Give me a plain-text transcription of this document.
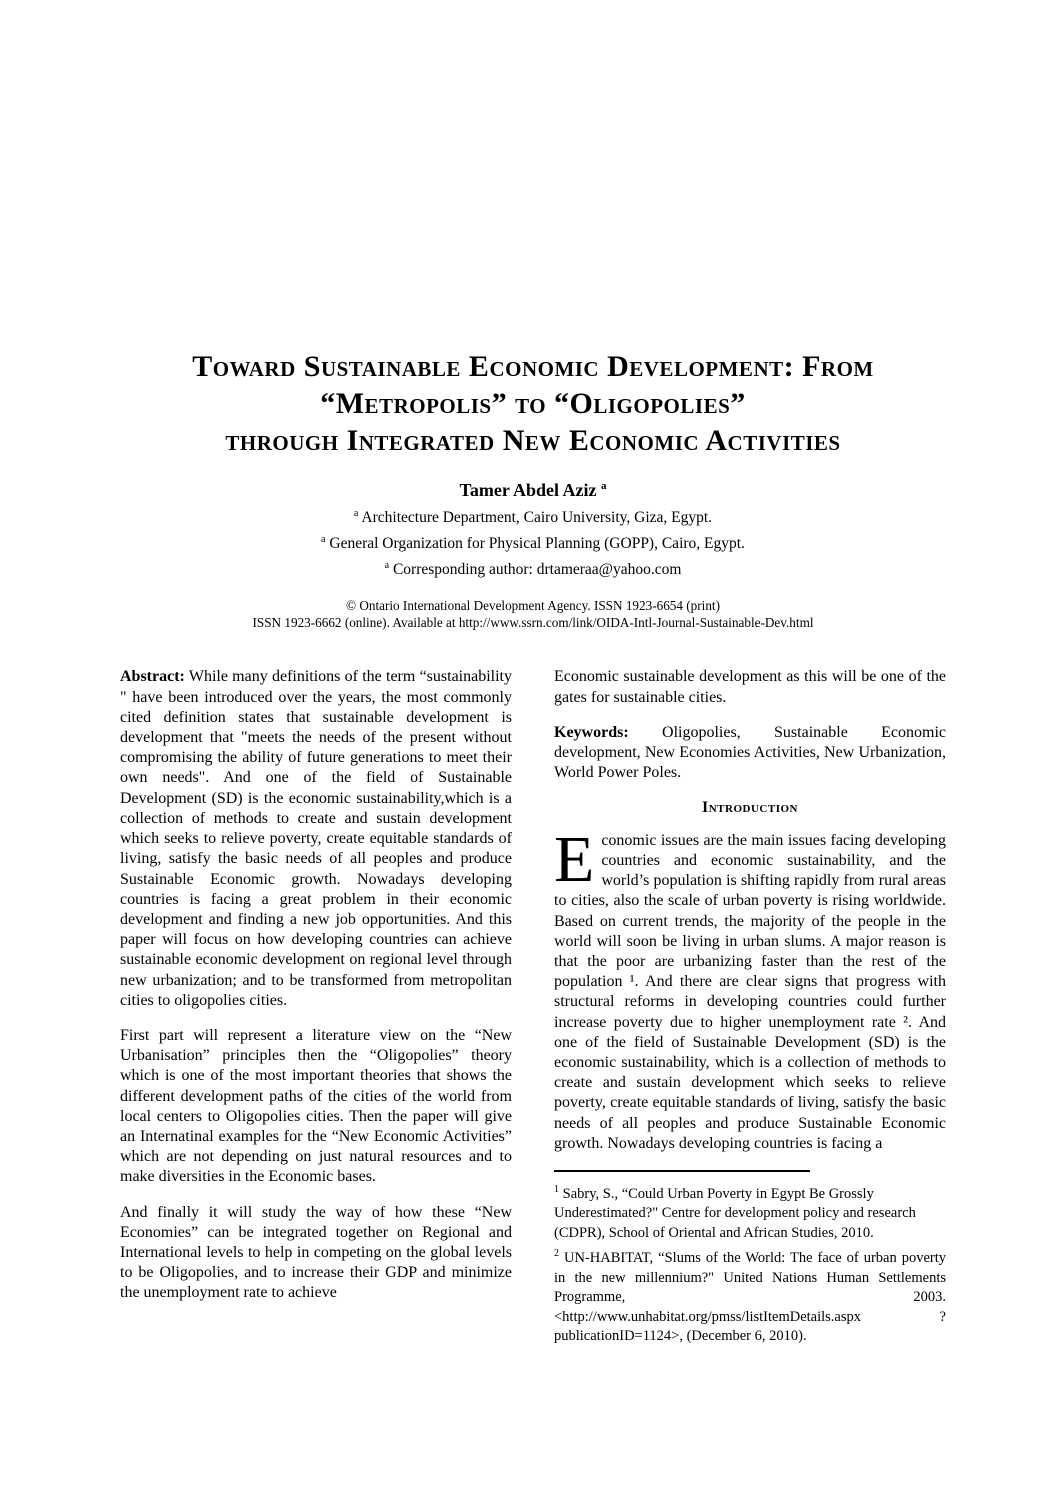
Toward Sustainable Economic Development: From
“Metropolis” to “Oligopolies”
through Integrated New Economic Activities
Tamer Abdel Aziz $^a$
$^a$ Architecture Department, Cairo University, Giza, Egypt.
$^a$ General Organization for Physical Planning (GOPP), Cairo, Egypt.
$^a$ Corresponding author: drtameraa@yahoo.com
© Ontario International Development Agency. ISSN 1923-6654 (print)
ISSN 1923-6662 (online). Available at http://www.ssrn.com/link/OIDA-Intl-Journal-Sustainable-Dev.html

Abstract: While many definitions of the term “sustainability " have been introduced over the years, the most commonly cited definition states that sustainable development is development that "meets the needs of the present without compromising the ability of future generations to meet their own needs". And one of the field of Sustainable Development (SD) is the economic sustainability,which is a collection of methods to create and sustain development which seeks to relieve poverty, create equitable standards of living, satisfy the basic needs of all peoples and produce Sustainable Economic growth. Nowadays developing countries is facing a great problem in their economic development and finding a new job opportunities. And this paper will focus on how developing countries can achieve sustainable economic development on regional level through new urbanization; and to be transformed from metropolitan cities to oligopolies cities.

First part will represent a literature view on the “New Urbanisation” principles then the “Oligopolies” theory which is one of the most important theories that shows the different development paths of the cities of the world from local centers to Oligopolies cities. Then the paper will give an Internatinal examples for the “New Economic Activities” which are not depending on just natural resources and to make diversities in the Economic bases.

And finally it will study the way of how these “New Economies” can be integrated together on Regional and International levels to help in competing on the global levels to be Oligopolies, and to increase their GDP and minimize the unemployment rate to achieve

Economic sustainable development as this will be one of the gates for sustainable cities.

Keywords: Oligopolies, Sustainable Economic development, New Economies Activities, New Urbanization, World Power Poles.

Introduction

Economic issues are the main issues facing developing countries and economic sustainability, and the world’s population is shifting rapidly from rural areas to cities, also the scale of urban poverty is rising worldwide. Based on current trends, the majority of the people in the world will soon be living in urban slums. A major reason is that the poor are urbanizing faster than the rest of the population ¹. And there are clear signs that progress with structural reforms in developing countries could further increase poverty due to higher unemployment rate ². And one of the field of Sustainable Development (SD) is the economic sustainability, which is a collection of methods to create and sustain development which seeks to relieve poverty, create equitable standards of living, satisfy the basic needs of all peoples and produce Sustainable Economic growth. Nowadays developing countries is facing a

$^1$ Sabry, S., “Could Urban Poverty in Egypt Be Grossly Underestimated?" Centre for development policy and research (CDPR), School of Oriental and African Studies, 2010.

$^2$ UN-HABITAT, “Slums of the World: The face of urban poverty in the new millennium?" United Nations Human Settlements Programme, 2003. <http://www.unhabitat.org/pmss/listItemDetails.aspx ?publicationID=1124>, (December 6, 2010).
